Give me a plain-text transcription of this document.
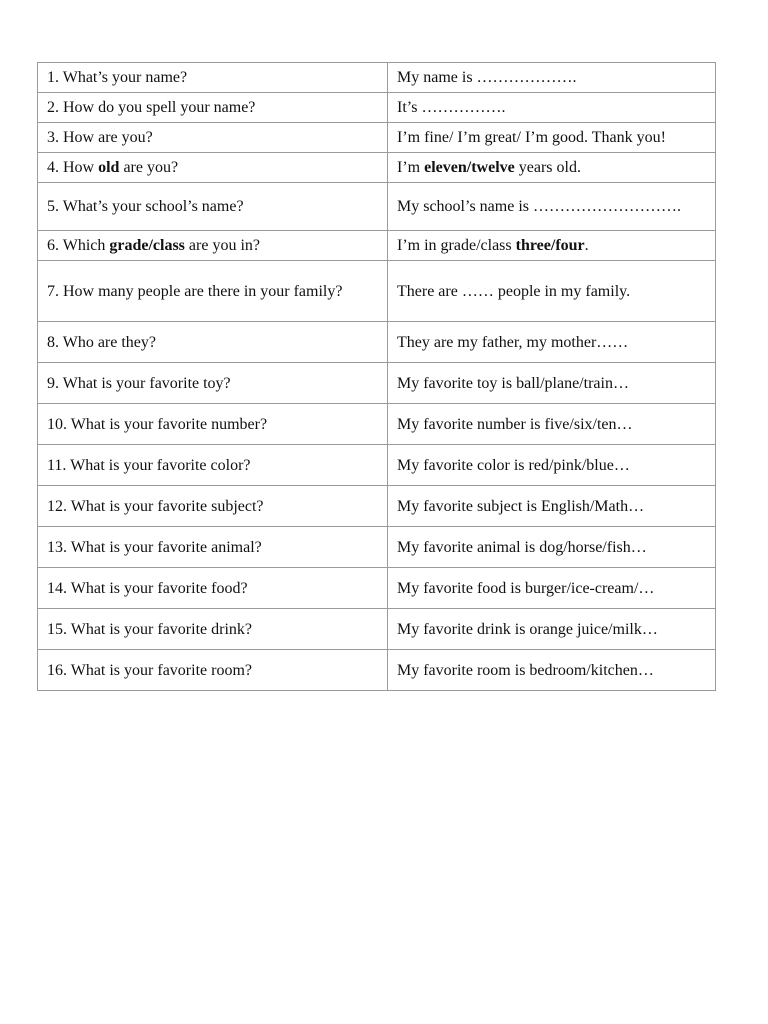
1. What’s your name?	My name is ……………….
2. How do you spell your name?	It’s …………….
3. How are you?	I’m fine/ I’m great/ I’m good. Thank you!
4. How old are you?	I’m eleven/twelve years old.
5. What’s your school’s name?	My school’s name is ……………………….
6. Which grade/class are you in?	I’m in grade/class three/four.
7. How many people are there in your family?	There are …… people in my family.
8. Who are they?	They are my father, my mother……
9. What is your favorite toy?	My favorite toy is ball/plane/train…
10. What is your favorite number?	My favorite number is five/six/ten…
11. What is your favorite color?	My favorite color is red/pink/blue…
12. What is your favorite subject?	My favorite subject is English/Math…
13. What is your favorite animal?	My favorite animal is dog/horse/fish…
14. What is your favorite food?	My favorite food is burger/ice-cream/…
15. What is your favorite drink?	My favorite drink is orange juice/milk…
16. What is your favorite room?	My favorite room is bedroom/kitchen…
